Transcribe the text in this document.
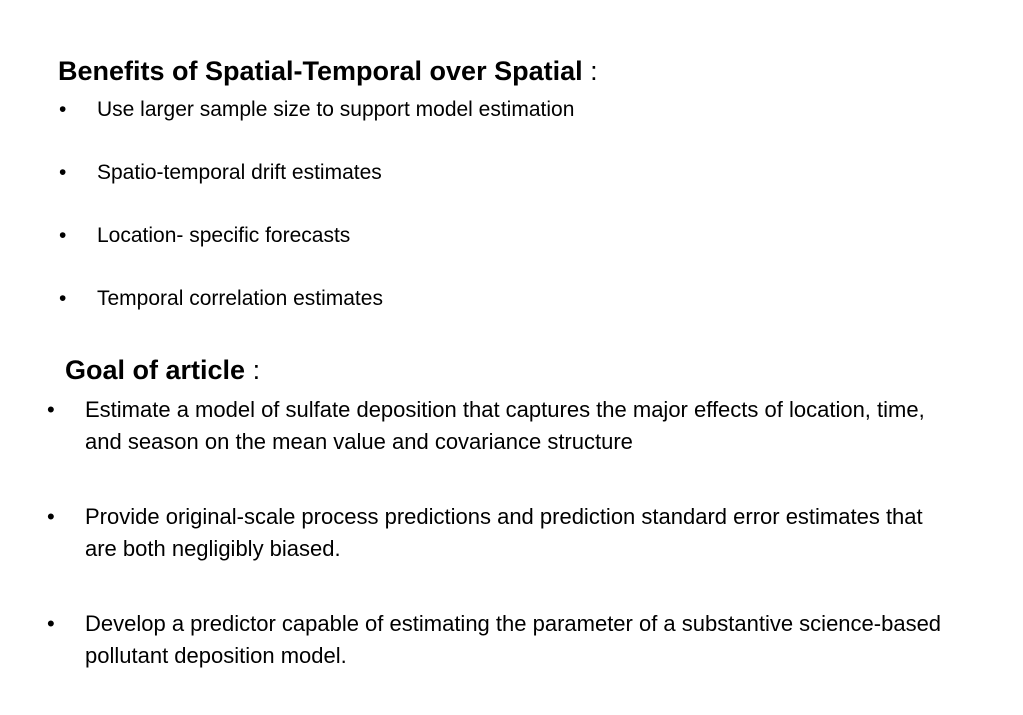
Benefits of Spatial-Temporal over Spatial :
• Use larger sample size to support model estimation
• Spatio-temporal drift estimates
• Location- specific forecasts
• Temporal correlation estimates
Goal of article :
• Estimate a model of sulfate deposition that captures the major effects of location, time, and season on the mean value and covariance structure
• Provide original-scale process predictions and prediction standard error estimates that are both negligibly biased.
• Develop a predictor capable of estimating the parameter of a substantive science-based pollutant deposition model.
